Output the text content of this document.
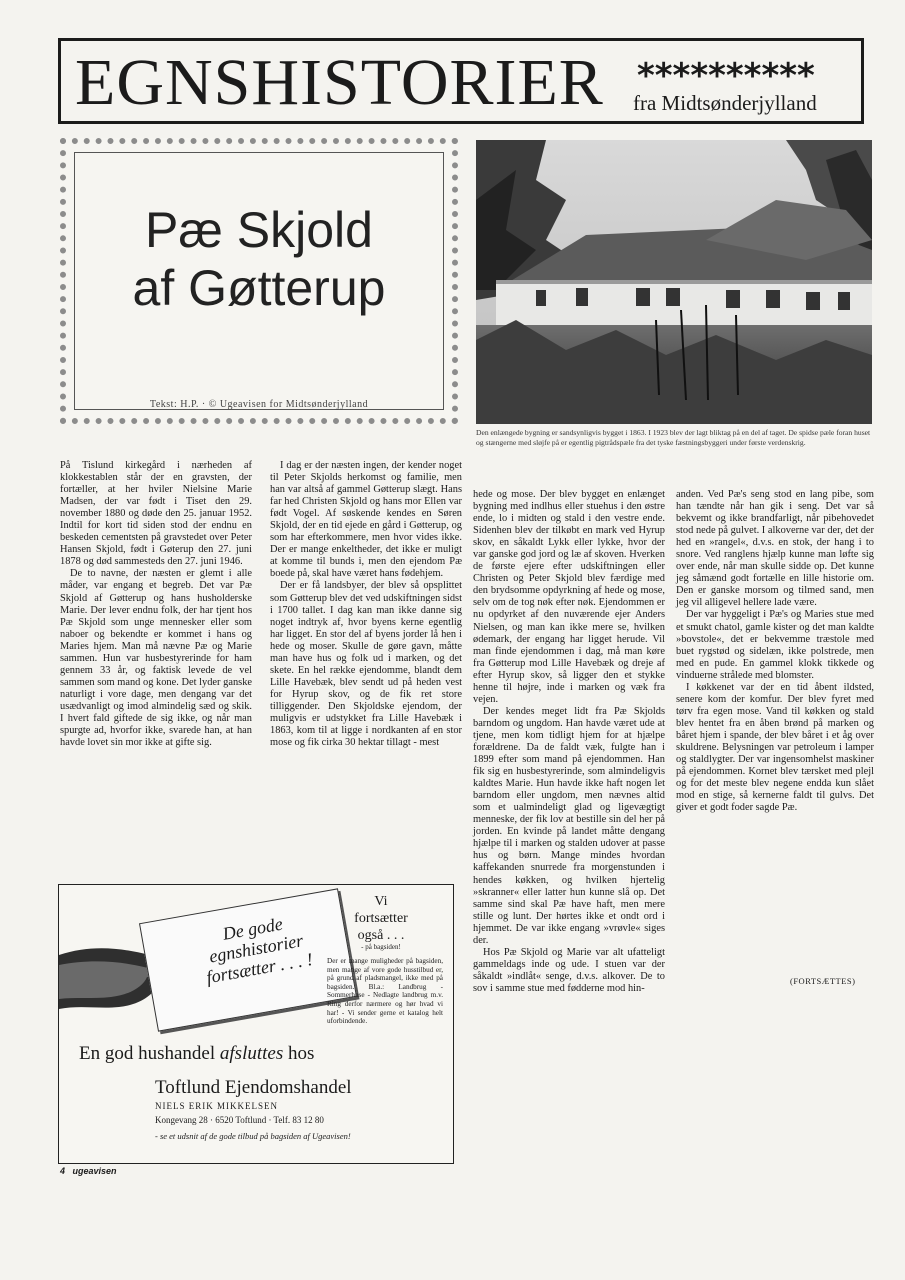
EGNSHISTORIER **********
fra Midtsønderjylland
Pæ Skjold
af Gøtterup
Tekst: H.P. · © Ugeavisen for Midtsønderjylland
Den enlængede bygning er sandsynligvis bygget i 1863. I 1923 blev der lagt bliktag på en del af taget. De spidse pæle foran huset og stængerne med sløjfe på er egentlig pigtrådspæle fra det tyske fæstningsbyggeri under første verdenskrig.

På Tislund kirkegård i nærheden af klokkestablen står der en gravsten, der fortæller, at her hviler Nielsine Marie Madsen, der var født i Tiset den 29. november 1880 og døde den 25. januar 1952. Indtil for kort tid siden stod der endnu en beskeden cementsten på gravstedet over Peter Hansen Skjold, født i Gøterup den 27. juni 1878 og død sammesteds den 27. juni 1946.

De to navne, der næsten er glemt i alle måder, var engang et begreb. Det var Pæ Skjold af Gøtterup og hans husholderske Marie. Der lever endnu folk, der har tjent hos Pæ Skjold som unge mennesker eller som naboer og bekendte er kommet i hans og Maries hjem. Man må nævne Pæ og Marie sammen. Hun var husbestyrerinde for ham gennem 33 år, og faktisk levede de vel sammen som mand og kone. Det lyder ganske naturligt i vore dage, men dengang var det usædvanligt og imod almindelig sæd og skik. I hvert fald giftede de sig ikke, og når man spurgte ad, hvorfor ikke, svarede han, at han havde lovet sin mor ikke at gifte sig.

I dag er der næsten ingen, der kender noget til Peter Skjolds herkomst og familie, men han var altså af gammel Gøtterup slægt. Hans far hed Christen Skjold og hans mor Ellen var født Vogel. Af søskende kendes en Søren Skjold, der en tid ejede en gård i Gøtterup, og som har efterkommere, men hvor vides ikke. Der er mange enkeltheder, det ikke er muligt at komme til bunds i, men den ejendom Pæ boede på, skal have været hans fødehjem.

Der er få landsbyer, der blev så opsplittet som Gøtterup blev det ved udskiftningen sidst i 1700 tallet. I dag kan man ikke danne sig noget indtryk af, hvor byens kerne egentlig har ligget. En stor del af byens jorder lå hen i hede og moser. Skulle de gøre gavn, måtte man have hus og folk ud i marken, og det skete. En hel række ejendomme, blandt dem Lille Havebæk, blev sendt ud på heden vest for Hyrup skov, og de fik ret store tilliggender. Den Skjoldske ejendom, der muligvis er udstykket fra Lille Havebæk i 1863, kom til at ligge i nordkanten af en stor mose og fik cirka 30 hektar tillagt - mest

hede og mose. Der blev bygget en enlænget bygning med indlhus eller stuehus i den østre ende, lo i midten og stald i den vestre ende. Sidenhen blev der tilkøbt en mark ved Hyrup skov, en såkaldt Lykk eller lykke, hvor der var ganske god jord og læ af skoven. Hverken de første ejere efter udskiftningen eller Christen og Peter Skjold blev færdige med den brydsomme opdyrkning af hede og mose, selv om de tog nøk efter nøk. Ejendommen er nu opdyrket af den nuværende ejer Anders Nielsen, og man kan ikke mere se, hvilken ødemark, der engang har ligget herude. Vil man finde ejendommen i dag, må man køre fra Gøtterup mod Lille Havebæk og dreje af efter Hyrup skov, så ligger den et stykke henne til højre, inde i marken og væk fra vejen.

Der kendes meget lidt fra Pæ Skjolds barndom og ungdom. Han havde været ude at tjene, men kom tidligt hjem for at hjælpe forældrene. Da de faldt væk, fulgte han i 1899 efter som mand på ejendommen. Han fik sig en husbestyrerinde, som almindeligvis kaldtes Marie. Hun havde ikke haft nogen let barndom eller ungdom, men nævnes altid som et ualmindeligt glad og ligevægtigt menneske, der fik lov at bestille sin del her på jorden. En kvinde på landet måtte dengang hjælpe til i marken og stalden udover at passe hus og børn. Mange mindes hvordan kaffekanden snurrede fra morgenstunden i hendes køkken, og hvilken hjertelig »skranner« eller latter hun kunne slå op. Det samme sind skal Pæ have haft, men mere stille og lunt. Der hørtes ikke et ondt ord i hjemmet. De var ikke engang »vrøvle« siges der.

Hos Pæ Skjold og Marie var alt ufatteligt gammeldags inde og ude. I stuen var der såkaldt »indlåt« senge, d.v.s. alkover. De to sov i samme stue med fødderne mod hin-

anden. Ved Pæ's seng stod en lang pibe, som han tændte når han gik i seng. Det var så bekvemt og ikke brandfarligt, når pibehovedet stod nede på gulvet. I alkoverne var der, det der hed en »rangel«, d.v.s. en stok, der hang i to snore. Ved ranglens hjælp kunne man løfte sig over ende, når man skulle sidde op. Det kunne jeg såmænd godt fortælle en lille historie om. Den er ganske morsom og tilmed sand, men jeg vil alligevel hellere lade være.

Der var hyggeligt i Pæ's og Maries stue med et smukt chatol, gamle kister og det man kaldte »bovstole«, det er bekvemme træstole med buet rygstød og sidelæn, ikke polstrede, men med en pude. En gammel klokk tikkede og vinduerne strålede med blomster.

I køkkenet var der en tid åbent ildsted, senere kom der komfur. Der blev fyret med tørv fra egen mose. Vand til køkken og stald blev hentet fra en åben brønd på marken og båret hjem i spande, der blev båret i et åg over skuldrene. Belysningen var petroleum i lamper og staldlygter. Der var ingensomhelst maskiner på ejendommen. Kornet blev tærsket med plejl og for det meste blev negene endda kun slået mod en stige, så kernerne faldt til gulvs. Det giver et godt foder sagde Pæ.

(FORTSÆTTES)
De gode egnshistorier fortsætter . . . !
Vi
fortsætter
også . . .
- på bagsiden!
Der er mange muligheder på bagsiden, men mange af vore gode husstilbud er, på grund af pladsmangel, ikke med på bagsiden. Bl.a.: Landbrug - Sommerhuse - Nedlagte landbrug m.v. Ring derfor nærmere og hør hvad vi har! - Vi sender gerne et katalog helt uforbindende.
En god hushandel afsluttes hos
Toftlund Ejendomshandel
NIELS ERIK MIKKELSEN
Kongevang 28 · 6520 Toftlund · Telf. 83 12 80
- se et udsnit af de gode tilbud på bagsiden af Ugeavisen!
4 ugeavisen
